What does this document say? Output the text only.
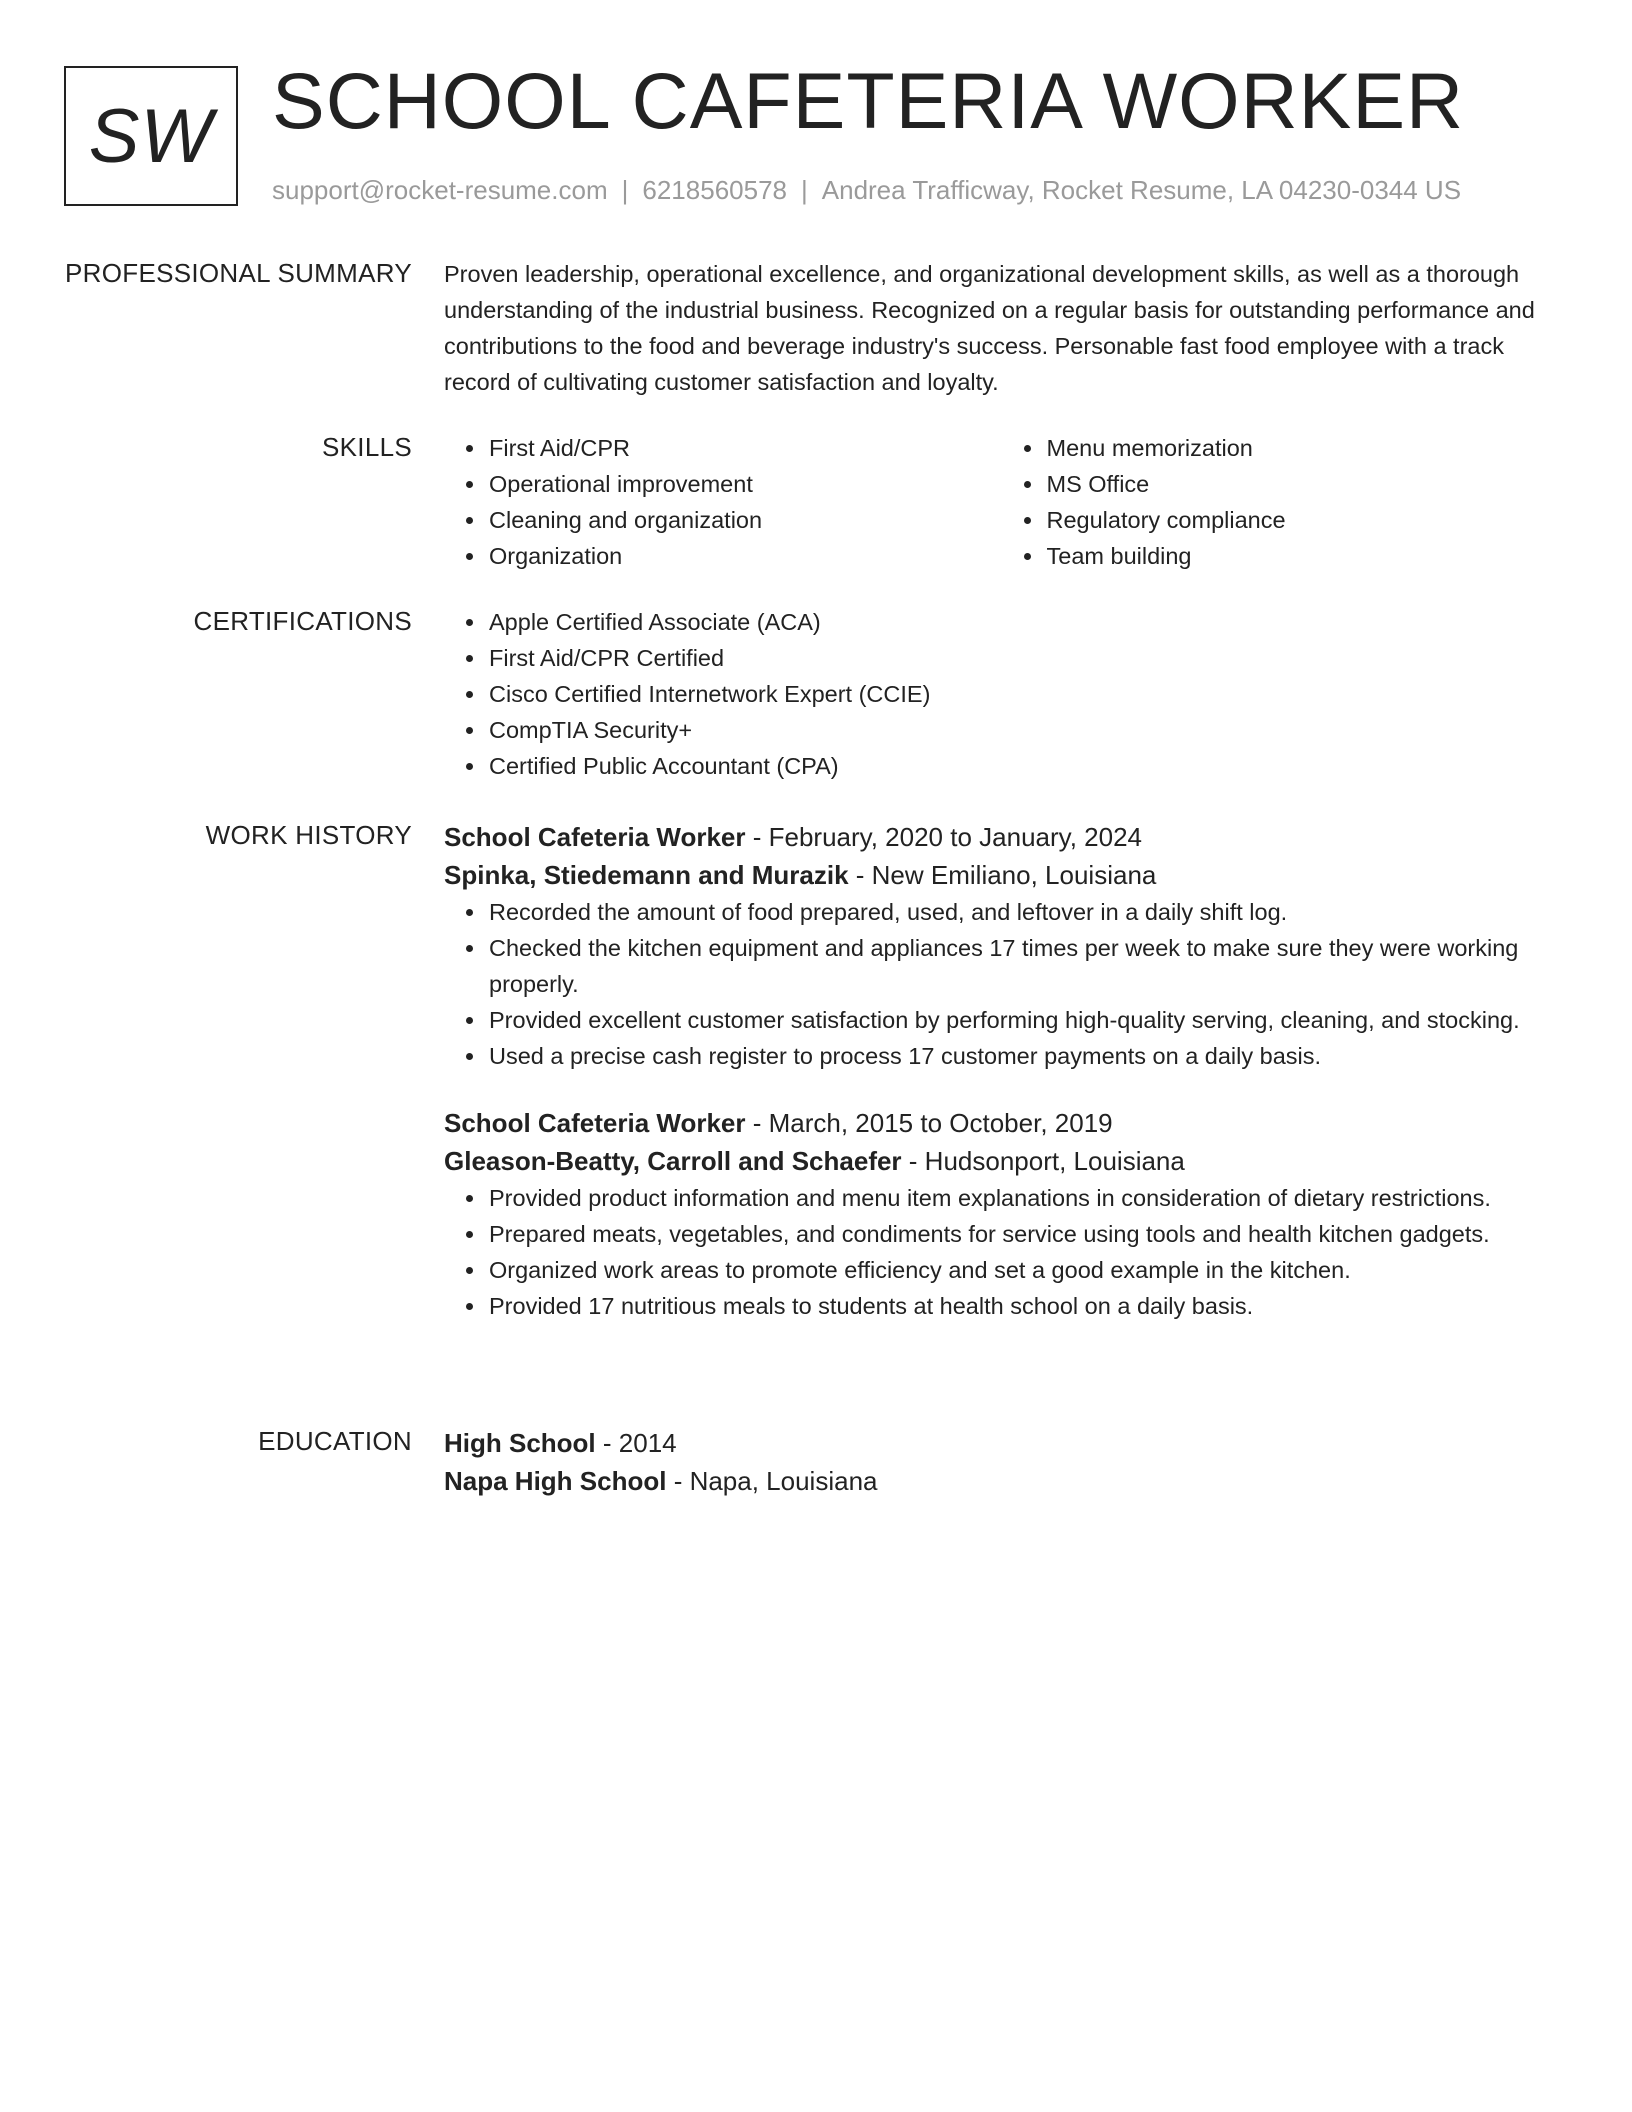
SW SCHOOL CAFETERIA WORKER
support@rocket-resume.com | 6218560578 | Andrea Trafficway, Rocket Resume, LA 04230-0344 US
PROFESSIONAL SUMMARY Proven leadership, operational excellence, and organizational development skills, as well as a thorough understanding of the industrial business. Recognized on a regular basis for outstanding performance and contributions to the food and beverage industry's success. Personable fast food employee with a track record of cultivating customer satisfaction and loyalty.

SKILLS	• First Aid/CPR
• Operational improvement
• Cleaning and organization
• Organization
• Menu memorization
• MS Office
• Regulatory compliance
• Team building
CERTIFICATIONS	• Apple Certified Associate (ACA)
• First Aid/CPR Certified
• Cisco Certified Internetwork Expert (CCIE)
• CompTIA Security+
• Certified Public Accountant (CPA)
WORK HISTORY School Cafeteria Worker - February, 2020 to January, 2024
Spinka, Stiedemann and Murazik - New Emiliano, Louisiana
• Recorded the amount of food prepared, used, and leftover in a daily shift log.
• Checked the kitchen equipment and appliances 17 times per week to make sure they were working properly.
• Provided excellent customer satisfaction by performing high-quality serving, cleaning, and stocking.
• Used a precise cash register to process 17 customer payments on a daily basis.
School Cafeteria Worker - March, 2015 to October, 2019
Gleason-Beatty, Carroll and Schaefer - Hudsonport, Louisiana
• Provided product information and menu item explanations in consideration of dietary restrictions.
• Prepared meats, vegetables, and condiments for service using tools and health kitchen gadgets.
• Organized work areas to promote efficiency and set a good example in the kitchen.
• Provided 17 nutritious meals to students at health school on a daily basis.
EDUCATION High School - 2014
Napa High School - Napa, Louisiana
